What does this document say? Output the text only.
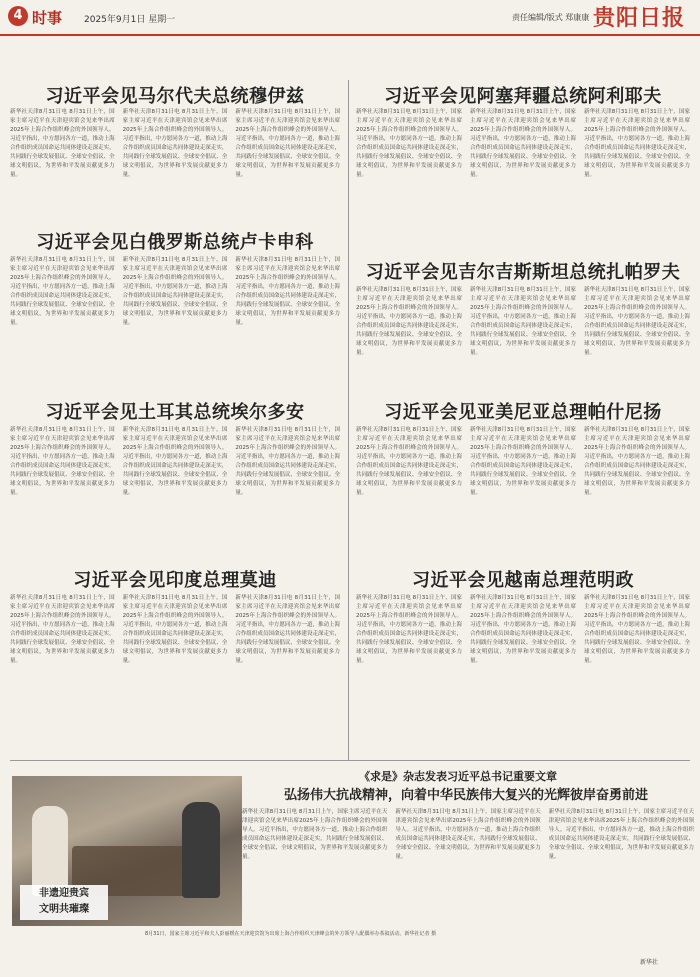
4 时事 2025年9月1日 星期一	责任编辑/版式 郑康康 贵阳日报
习近平会见马尔代夫总统穆伊兹

新华社天津8月31日电 8月31日上午，国家主席习近平在天津迎宾馆会见来华出席2025年上海合作组织峰会的外国领导人。习近平指出，中方愿同各方一道，推动上海合作组织成员国命运共同体建设走深走实，共同践行全球发展倡议、全球安全倡议、全球文明倡议，为世界和平发展贡献更多力量。

新华社天津8月31日电 8月31日上午，国家主席习近平在天津迎宾馆会见来华出席2025年上海合作组织峰会的外国领导人。习近平指出，中方愿同各方一道，推动上海合作组织成员国命运共同体建设走深走实，共同践行全球发展倡议、全球安全倡议、全球文明倡议，为世界和平发展贡献更多力量。

新华社天津8月31日电 8月31日上午，国家主席习近平在天津迎宾馆会见来华出席2025年上海合作组织峰会的外国领导人。习近平指出，中方愿同各方一道，推动上海合作组织成员国命运共同体建设走深走实，共同践行全球发展倡议、全球安全倡议、全球文明倡议，为世界和平发展贡献更多力量。

习近平会见阿塞拜疆总统阿利耶夫

新华社天津8月31日电 8月31日上午，国家主席习近平在天津迎宾馆会见来华出席2025年上海合作组织峰会的外国领导人。习近平指出，中方愿同各方一道，推动上海合作组织成员国命运共同体建设走深走实，共同践行全球发展倡议、全球安全倡议、全球文明倡议，为世界和平发展贡献更多力量。

新华社天津8月31日电 8月31日上午，国家主席习近平在天津迎宾馆会见来华出席2025年上海合作组织峰会的外国领导人。习近平指出，中方愿同各方一道，推动上海合作组织成员国命运共同体建设走深走实，共同践行全球发展倡议、全球安全倡议、全球文明倡议，为世界和平发展贡献更多力量。

新华社天津8月31日电 8月31日上午，国家主席习近平在天津迎宾馆会见来华出席2025年上海合作组织峰会的外国领导人。习近平指出，中方愿同各方一道，推动上海合作组织成员国命运共同体建设走深走实，共同践行全球发展倡议、全球安全倡议、全球文明倡议，为世界和平发展贡献更多力量。

习近平会见白俄罗斯总统卢卡申科

新华社天津8月31日电 8月31日上午，国家主席习近平在天津迎宾馆会见来华出席2025年上海合作组织峰会的外国领导人。习近平指出，中方愿同各方一道，推动上海合作组织成员国命运共同体建设走深走实，共同践行全球发展倡议、全球安全倡议、全球文明倡议，为世界和平发展贡献更多力量。

新华社天津8月31日电 8月31日上午，国家主席习近平在天津迎宾馆会见来华出席2025年上海合作组织峰会的外国领导人。习近平指出，中方愿同各方一道，推动上海合作组织成员国命运共同体建设走深走实，共同践行全球发展倡议、全球安全倡议、全球文明倡议，为世界和平发展贡献更多力量。

新华社天津8月31日电 8月31日上午，国家主席习近平在天津迎宾馆会见来华出席2025年上海合作组织峰会的外国领导人。习近平指出，中方愿同各方一道，推动上海合作组织成员国命运共同体建设走深走实，共同践行全球发展倡议、全球安全倡议、全球文明倡议，为世界和平发展贡献更多力量。

习近平会见吉尔吉斯斯坦总统扎帕罗夫

新华社天津8月31日电 8月31日上午，国家主席习近平在天津迎宾馆会见来华出席2025年上海合作组织峰会的外国领导人。习近平指出，中方愿同各方一道，推动上海合作组织成员国命运共同体建设走深走实，共同践行全球发展倡议、全球安全倡议、全球文明倡议，为世界和平发展贡献更多力量。

新华社天津8月31日电 8月31日上午，国家主席习近平在天津迎宾馆会见来华出席2025年上海合作组织峰会的外国领导人。习近平指出，中方愿同各方一道，推动上海合作组织成员国命运共同体建设走深走实，共同践行全球发展倡议、全球安全倡议、全球文明倡议，为世界和平发展贡献更多力量。

新华社天津8月31日电 8月31日上午，国家主席习近平在天津迎宾馆会见来华出席2025年上海合作组织峰会的外国领导人。习近平指出，中方愿同各方一道，推动上海合作组织成员国命运共同体建设走深走实，共同践行全球发展倡议、全球安全倡议、全球文明倡议，为世界和平发展贡献更多力量。

习近平会见土耳其总统埃尔多安

新华社天津8月31日电 8月31日上午，国家主席习近平在天津迎宾馆会见来华出席2025年上海合作组织峰会的外国领导人。习近平指出，中方愿同各方一道，推动上海合作组织成员国命运共同体建设走深走实，共同践行全球发展倡议、全球安全倡议、全球文明倡议，为世界和平发展贡献更多力量。

新华社天津8月31日电 8月31日上午，国家主席习近平在天津迎宾馆会见来华出席2025年上海合作组织峰会的外国领导人。习近平指出，中方愿同各方一道，推动上海合作组织成员国命运共同体建设走深走实，共同践行全球发展倡议、全球安全倡议、全球文明倡议，为世界和平发展贡献更多力量。

新华社天津8月31日电 8月31日上午，国家主席习近平在天津迎宾馆会见来华出席2025年上海合作组织峰会的外国领导人。习近平指出，中方愿同各方一道，推动上海合作组织成员国命运共同体建设走深走实，共同践行全球发展倡议、全球安全倡议、全球文明倡议，为世界和平发展贡献更多力量。

习近平会见亚美尼亚总理帕什尼扬

新华社天津8月31日电 8月31日上午，国家主席习近平在天津迎宾馆会见来华出席2025年上海合作组织峰会的外国领导人。习近平指出，中方愿同各方一道，推动上海合作组织成员国命运共同体建设走深走实，共同践行全球发展倡议、全球安全倡议、全球文明倡议，为世界和平发展贡献更多力量。

新华社天津8月31日电 8月31日上午，国家主席习近平在天津迎宾馆会见来华出席2025年上海合作组织峰会的外国领导人。习近平指出，中方愿同各方一道，推动上海合作组织成员国命运共同体建设走深走实，共同践行全球发展倡议、全球安全倡议、全球文明倡议，为世界和平发展贡献更多力量。

新华社天津8月31日电 8月31日上午，国家主席习近平在天津迎宾馆会见来华出席2025年上海合作组织峰会的外国领导人。习近平指出，中方愿同各方一道，推动上海合作组织成员国命运共同体建设走深走实，共同践行全球发展倡议、全球安全倡议、全球文明倡议，为世界和平发展贡献更多力量。

习近平会见印度总理莫迪

新华社天津8月31日电 8月31日上午，国家主席习近平在天津迎宾馆会见来华出席2025年上海合作组织峰会的外国领导人。习近平指出，中方愿同各方一道，推动上海合作组织成员国命运共同体建设走深走实，共同践行全球发展倡议、全球安全倡议、全球文明倡议，为世界和平发展贡献更多力量。

新华社天津8月31日电 8月31日上午，国家主席习近平在天津迎宾馆会见来华出席2025年上海合作组织峰会的外国领导人。习近平指出，中方愿同各方一道，推动上海合作组织成员国命运共同体建设走深走实，共同践行全球发展倡议、全球安全倡议、全球文明倡议，为世界和平发展贡献更多力量。

新华社天津8月31日电 8月31日上午，国家主席习近平在天津迎宾馆会见来华出席2025年上海合作组织峰会的外国领导人。习近平指出，中方愿同各方一道，推动上海合作组织成员国命运共同体建设走深走实，共同践行全球发展倡议、全球安全倡议、全球文明倡议，为世界和平发展贡献更多力量。

习近平会见越南总理范明政

新华社天津8月31日电 8月31日上午，国家主席习近平在天津迎宾馆会见来华出席2025年上海合作组织峰会的外国领导人。习近平指出，中方愿同各方一道，推动上海合作组织成员国命运共同体建设走深走实，共同践行全球发展倡议、全球安全倡议、全球文明倡议，为世界和平发展贡献更多力量。

新华社天津8月31日电 8月31日上午，国家主席习近平在天津迎宾馆会见来华出席2025年上海合作组织峰会的外国领导人。习近平指出，中方愿同各方一道，推动上海合作组织成员国命运共同体建设走深走实，共同践行全球发展倡议、全球安全倡议、全球文明倡议，为世界和平发展贡献更多力量。

新华社天津8月31日电 8月31日上午，国家主席习近平在天津迎宾馆会见来华出席2025年上海合作组织峰会的外国领导人。习近平指出，中方愿同各方一道，推动上海合作组织成员国命运共同体建设走深走实，共同践行全球发展倡议、全球安全倡议、全球文明倡议，为世界和平发展贡献更多力量。

非遗迎贵宾
文明共璀璨
8月31日，国家主席习近平和夫人彭丽媛在天津迎宾馆为出席上海合作组织天津峰会的外方领导人配偶举办茶叙活动。新华社记者 摄
《求是》杂志发表习近平总书记重要文章
弘扬伟大抗战精神，向着中华民族伟大复兴的光辉彼岸奋勇前进

新华社天津8月31日电 8月31日上午，国家主席习近平在天津迎宾馆会见来华出席2025年上海合作组织峰会的外国领导人。习近平指出，中方愿同各方一道，推动上海合作组织成员国命运共同体建设走深走实，共同践行全球发展倡议、全球安全倡议、全球文明倡议，为世界和平发展贡献更多力量。

新华社天津8月31日电 8月31日上午，国家主席习近平在天津迎宾馆会见来华出席2025年上海合作组织峰会的外国领导人。习近平指出，中方愿同各方一道，推动上海合作组织成员国命运共同体建设走深走实，共同践行全球发展倡议、全球安全倡议、全球文明倡议，为世界和平发展贡献更多力量。

新华社天津8月31日电 8月31日上午，国家主席习近平在天津迎宾馆会见来华出席2025年上海合作组织峰会的外国领导人。习近平指出，中方愿同各方一道，推动上海合作组织成员国命运共同体建设走深走实，共同践行全球发展倡议、全球安全倡议、全球文明倡议，为世界和平发展贡献更多力量。

新华社
